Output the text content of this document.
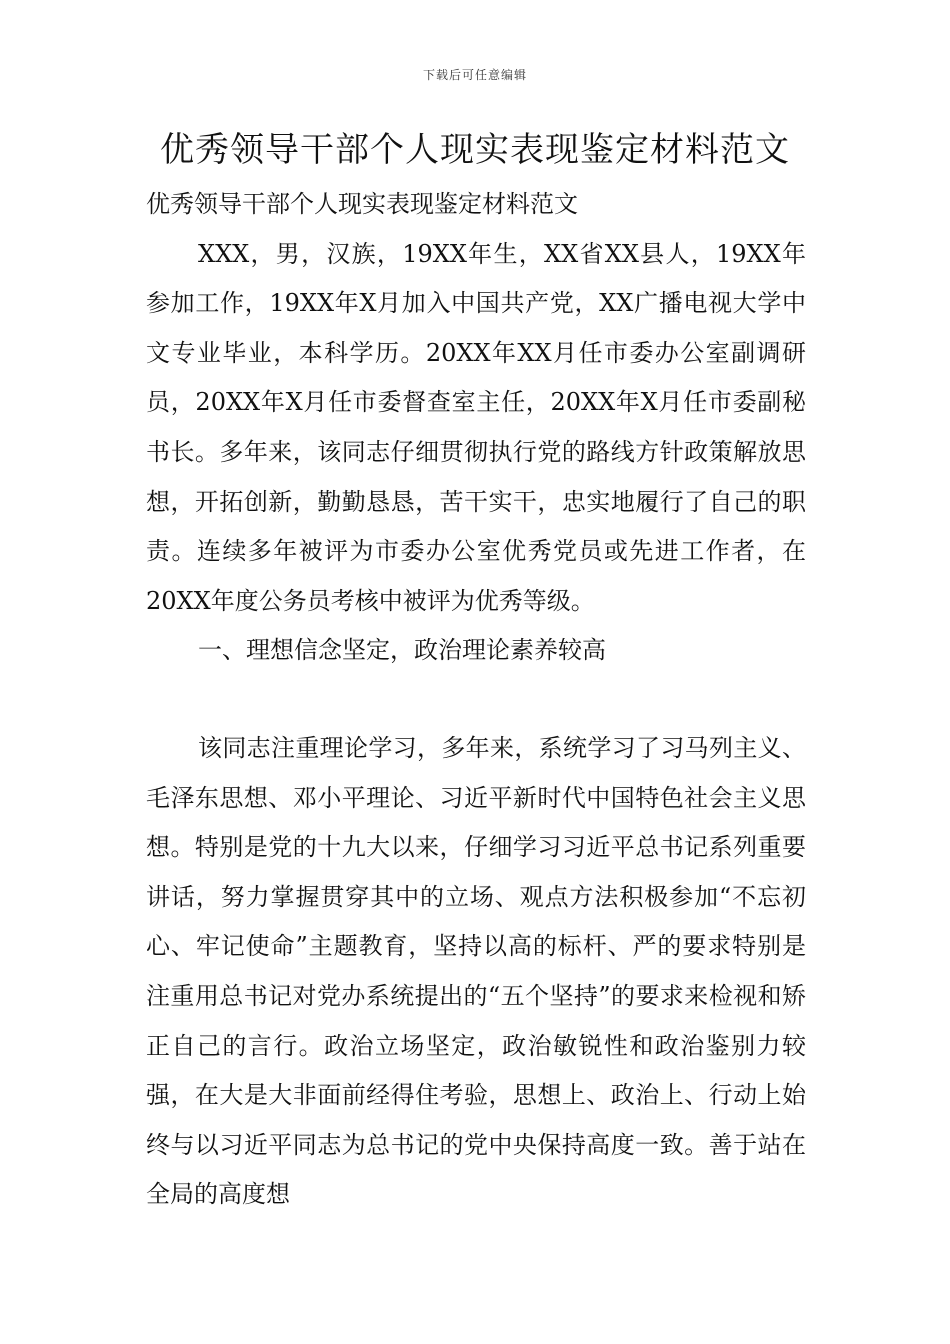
下载后可任意编辑
优秀领导干部个人现实表现鉴定材料范文

优秀领导干部个人现实表现鉴定材料范文

XXX，男，汉族，19XX年生，XX省XX县人，19XX年参加工作，19XX年X月加入中国共产党，XX广播电视大学中文专业毕业，本科学历。20XX年XX月任市委办公室副调研员，20XX年X月任市委督查室主任，20XX年X月任市委副秘书长。多年来，该同志仔细贯彻执行党的路线方针政策解放思想，开拓创新，勤勤恳恳，苦干实干，忠实地履行了自己的职责。连续多年被评为市委办公室优秀党员或先进工作者，在20XX年度公务员考核中被评为优秀等级。

一、理想信念坚定，政治理论素养较高

该同志注重理论学习，多年来，系统学习了习马列主义、毛泽东思想、邓小平理论、习近平新时代中国特色社会主义思想。特别是党的十九大以来，仔细学习习近平总书记系列重要讲话，努力掌握贯穿其中的立场、观点方法积极参加“不忘初心、牢记使命”主题教育，坚持以高的标杆、严的要求特别是注重用总书记对党办系统提出的“五个坚持”的要求来检视和矫正自己的言行。政治立场坚定，政治敏锐性和政治鉴别力较强，在大是大非面前经得住考验，思想上、政治上、行动上始终与以习近平同志为总书记的党中央保持高度一致。善于站在全局的高度想
